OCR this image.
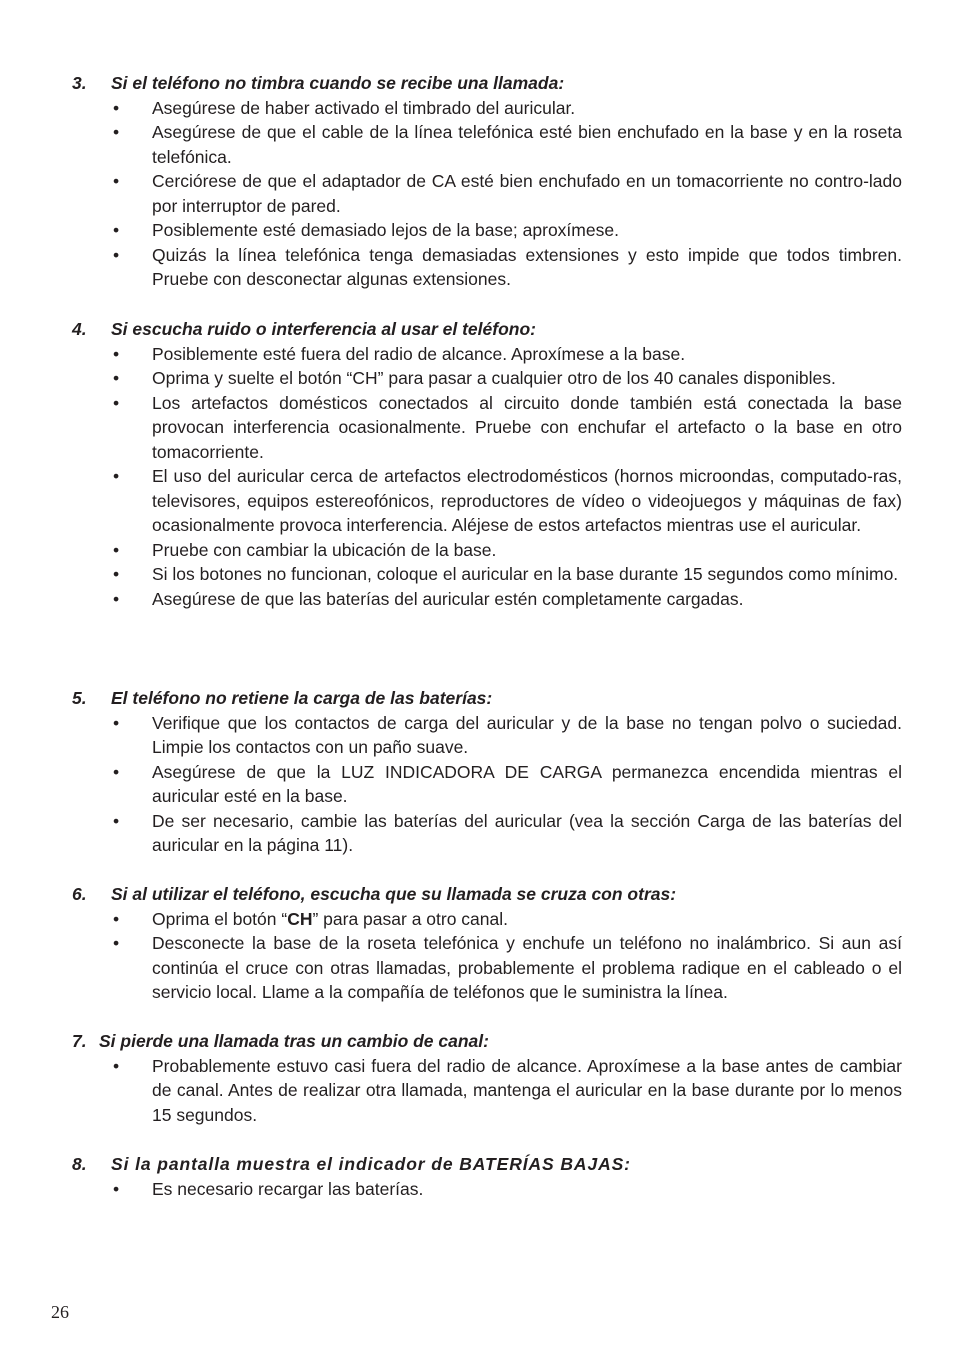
3. Si el teléfono no timbra cuando se recibe una llamada:
• Asegúrese de haber activado el timbrado del auricular.
• Asegúrese de que el cable de la línea telefónica esté bien enchufado en la base y en la roseta telefónica.
• Cerciórese de que el adaptador de CA esté bien enchufado en un tomacorriente no contro-lado por interruptor de pared.
• Posiblemente esté demasiado lejos de la base; aproxímese.
• Quizás la línea telefónica tenga demasiadas extensiones y esto impide que todos timbren. Pruebe con desconectar algunas extensiones.
4. Si escucha ruido o interferencia al usar el teléfono:
• Posiblemente esté fuera del radio de alcance. Aproxímese a la base.
• Oprima y suelte el botón “CH” para pasar a cualquier otro de los 40 canales disponibles.
• Los artefactos domésticos conectados al circuito donde también está conectada la base provocan interferencia ocasionalmente. Pruebe con enchufar el artefacto o la base en otro tomacorriente.
• El uso del auricular cerca de artefactos electrodomésticos (hornos microondas, computado-ras, televisores, equipos estereofónicos, reproductores de vídeo o videojuegos y máquinas de fax) ocasionalmente provoca interferencia. Aléjese de estos artefactos mientras use el auricular.
• Pruebe con cambiar la ubicación de la base.
• Si los botones no funcionan, coloque el auricular en la base durante 15 segundos como mínimo.
• Asegúrese de que las baterías del auricular estén completamente cargadas.
5. El teléfono no retiene la carga de las baterías:
• Verifique que los contactos de carga del auricular y de la base no tengan polvo o suciedad. Limpie los contactos con un paño suave.
• Asegúrese de que la LUZ INDICADORA DE CARGA permanezca encendida mientras el auricular esté en la base.
• De ser necesario, cambie las baterías del auricular (vea la sección Carga de las baterías del auricular en la página 11).
6. Si al utilizar el teléfono, escucha que su llamada se cruza con otras:
• Oprima el botón “CH” para pasar a otro canal.
• Desconecte la base de la roseta telefónica y enchufe un teléfono no inalámbrico. Si aun así continúa el cruce con otras llamadas, probablemente el problema radique en el cableado o el servicio local. Llame a la compañía de teléfonos que le suministra la línea.
7. Si pierde una llamada tras un cambio de canal:
• Probablemente estuvo casi fuera del radio de alcance. Aproxímese a la base antes de cambiar de canal. Antes de realizar otra llamada, mantenga el auricular en la base durante por lo menos 15 segundos.
8. Si la pantalla muestra el indicador de BATERÍAS BAJAS:
• Es necesario recargar las baterías.
26
